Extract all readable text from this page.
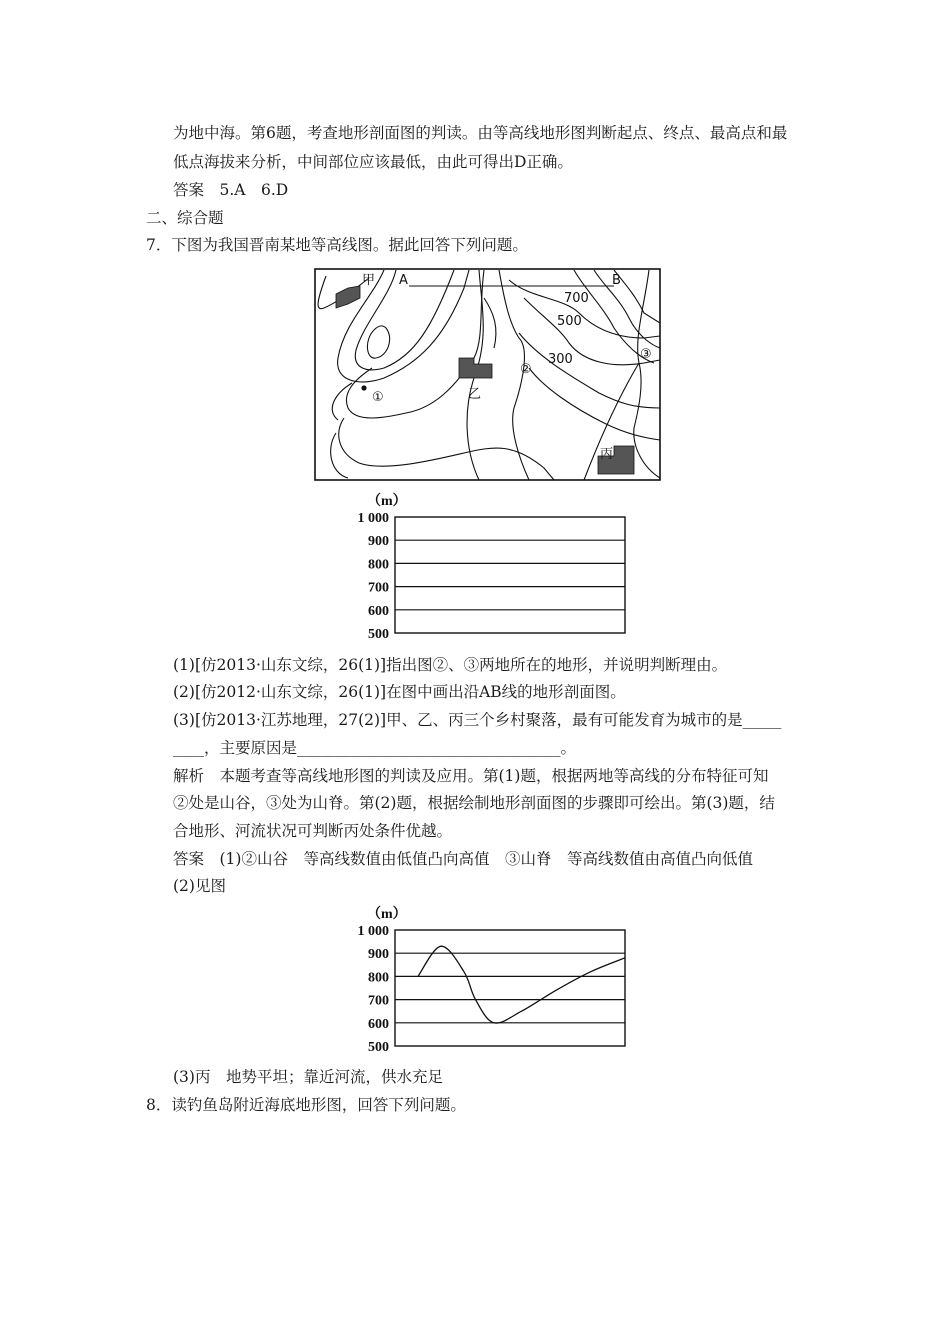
为地中海。第6题，考查地形剖面图的判读。由等高线地形图判断起点、终点、最高点和最
低点海拔来分析，中间部位应该最低，由此可得出D正确。
答案　5.A　6.D
二、综合题
7．下图为我国晋南某地等高线图。据此回答下列问题。
甲 A	B
700
500
300
①
②
③
乙
丙
（m）
1 000
900
800
700
600
500
(1)[仿2013·山东文综，26(1)]指出图②、③两地所在的地形，并说明判断理由。
(2)[仿2012·山东文综，26(1)]在图中画出沿AB线的地形剖面图。
(3)[仿2013·江苏地理，27(2)]甲、乙、丙三个乡村聚落，最有可能发育为城市的是_____
____，主要原因是__________________________________。
解析　本题考查等高线地形图的判读及应用。第(1)题，根据两地等高线的分布特征可知
②处是山谷，③处为山脊。第(2)题，根据绘制地形剖面图的步骤即可绘出。第(3)题，结
合地形、河流状况可判断丙处条件优越。
答案　(1)②山谷　等高线数值由低值凸向高值　③山脊　等高线数值由高值凸向低值
(2)见图
（m）
1 000
900
800
700
600
500
(3)丙　地势平坦；靠近河流，供水充足
8．读钓鱼岛附近海底地形图，回答下列问题。
